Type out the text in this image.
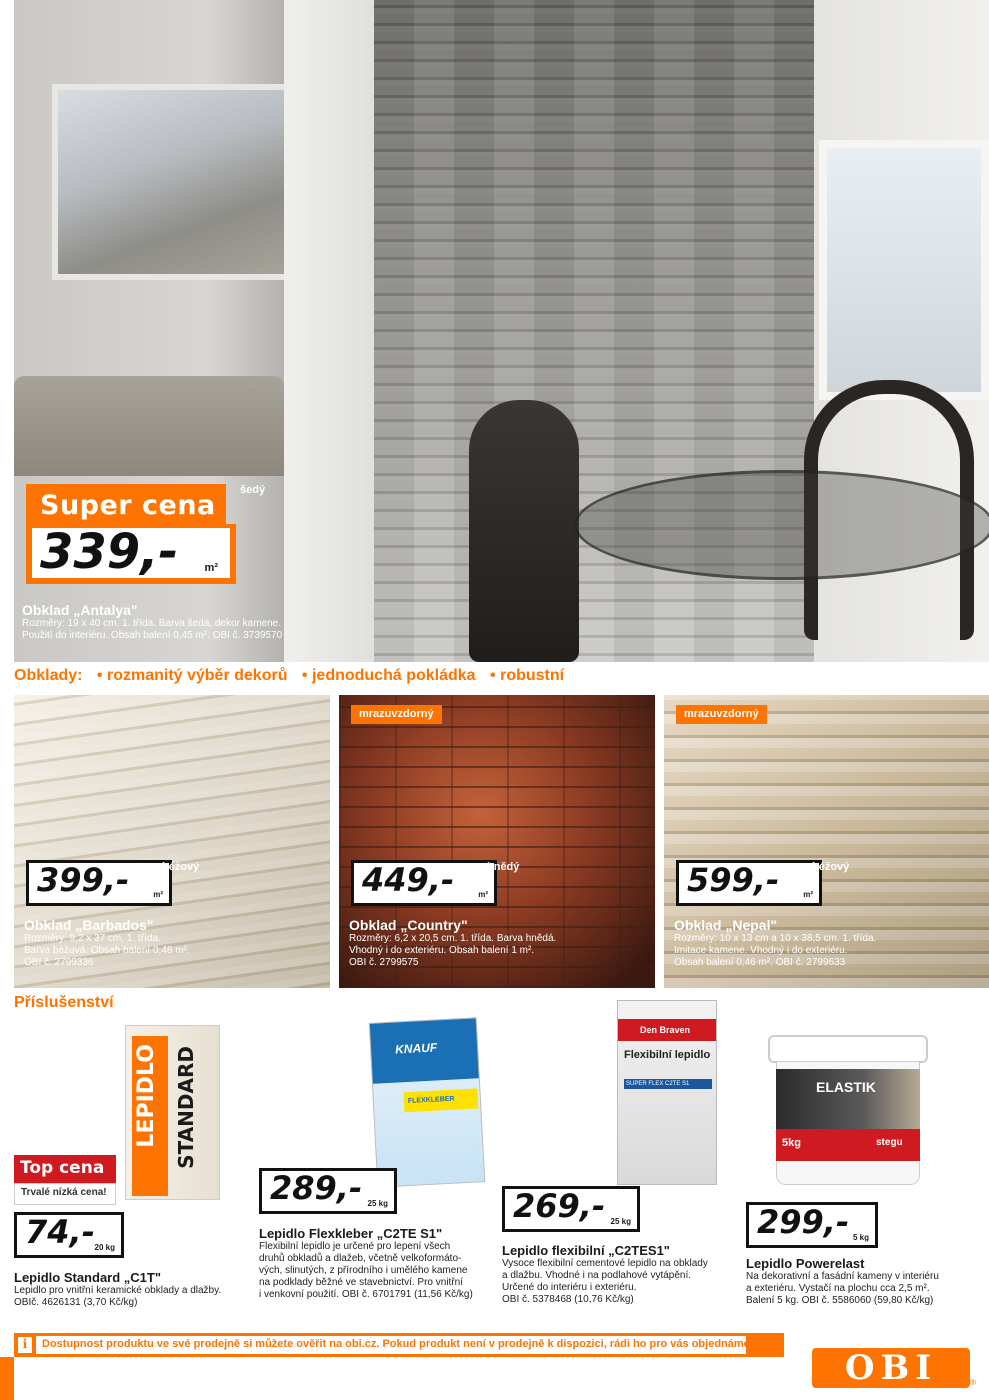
Super cena
339,- m²
šedý
Obklad „Antalya"
Rozměry: 19 x 40 cm. 1. třída. Barva šedá, dekor kamene.
Použití do interiéru. Obsah balení 0,45 m². OBI č. 3739570
Obklady: • rozmanitý výběr dekorů • jednoduchá pokládka • robustní
399,-	m²
béžový
Obklad „Barbados"
Rozměry: 9,2 x 37 cm, 1. třída.
Barva béžová. Obsah balení 0,48 m².
OBI č. 2799336
mrazuvzdorný
449,-	m²
hnědý
Obklad „Country"
Rozměry: 6,2 x 20,5 cm. 1. třída. Barva hnědá.
Vhodný i do exteriéru. Obsah balení 1 m².
OBI č. 2799575
mrazuvzdorný
599,-	m²
béžový
Obklad „Nepal"
Rozměry: 10 x 13 cm a 10 x 38,5 cm. 1. třída.
Imitace kamene. Vhodný i do exteriéru.
Obsah balení 0,46 m². OBI č. 2799633
Příslušenství
LEPIDLO STANDARD
Top cena
Trvalé nízká cena!
74,- 20 kg
Lepidlo Standard „C1T"
Lepidlo pro vnitřní keramické obklady a dlažby.
OBIč. 4626131 (3,70 Kč/kg)
KNAUF
FLEXKLEBER
289,- 25 kg
Lepidlo Flexkleber „C2TE S1"
Flexibilní lepidlo je určené pro lepení všech
druhů obkladů a dlažeb, včetně velkoformáto-
vých, slinutých, z přírodního i umělého kamene
na podklady běžné ve stavebnictví. Pro vnitřní
i venkovní použití. OBI č. 6701791 (11,56 Kč/kg)
Den Braven
Flexibilní lepidlo
SUPER FLEX C2TE S1
269,- 25 kg
Lepidlo flexibilní „C2TES1"
Vysoce flexibilní cementové lepidlo na obklady
a dlažbu. Vhodné i na podlahové vytápění.
Určené do interiéru i exteriéru.
OBI č. 5378468 (10,76 Kč/kg)
ELASTIK
5kg	stegu
299,- 5 kg
Lepidlo Powerelast
Na dekorativní a fasádní kameny v interiéru
a exteriéru. Vystačí na plochu cca 2,5 m².
Balení 5 kg. OBI č. 5586060 (59,80 Kč/kg)
i	Dostupnost produktu ve své prodejně si můžete ověřit na obi.cz. Pokud produkt není v prodejně k dispozici, rádi ho pro vás objednáme.
OBI	®
